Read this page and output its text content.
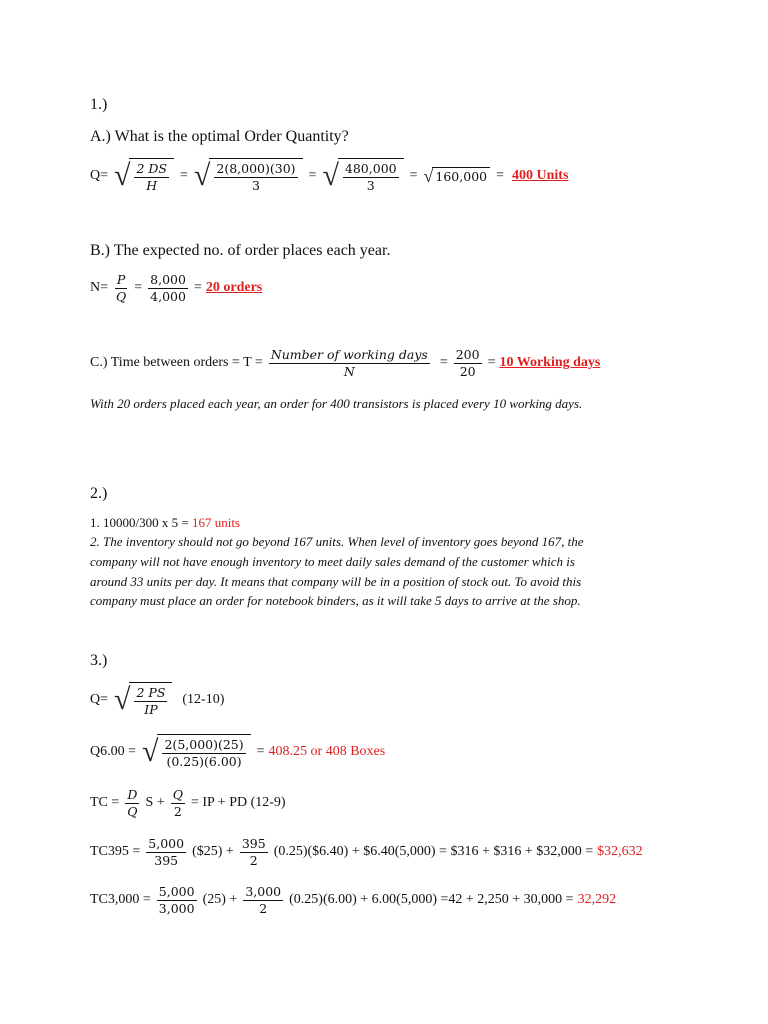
1.)
A.) What is the optimal Order Quantity?
Q= √ $\frac{2 DS}{H}$ = √ $\frac{2(8,000)(30)}{3}$ = √ $\frac{480,000}{3}$ = √ 160,000 = 400 Units
B.) The expected no. of order places each year.
$N= \frac{P}{Q} = \frac{8,000}{4,000} = 20$ orders
C.) Time between orders = $T = \frac{\text{Number of working days}}{N} = \frac{200}{20} = 10$ Working days
With 20 orders placed each year, an order for 400 transistors is placed every 10 working days.
2.)
1. 10000/300 x 5 = 167 units
2. The inventory should not go beyond 167 units. When level of inventory goes beyond 167, the
company will not have enough inventory to meet daily sales demand of the customer which is
around 33 units per day. It means that company will be in a position of stock out. To avoid this
company must place an order for notebook binders, as it will take 5 days to arrive at the shop.
3.)
Q= √ $\frac{2 PS}{IP} (12-10)$
Q6.00 = √ $\frac{2(5,000)(25)}{(0.25)(6.00)} = 408.25$ or 408 Boxes
TC = $\frac{D}{Q}$ $S + \frac{Q}{2}$ = IP + PD (12-9)
$TC395 = \frac{5,000}{395}$ ($25) + $\frac{395}{2}$ (0.25)($6.40) + $6.40(5,000) = $316 + $316 + $32,000 = $32,632
$TC3,000 = \frac{5,000}{3,000} (25) + \frac{3,000}{2} (0.25)(6.00) + 6.00(5,000) =42 + 2,250 + 30,000 = 32,292$
